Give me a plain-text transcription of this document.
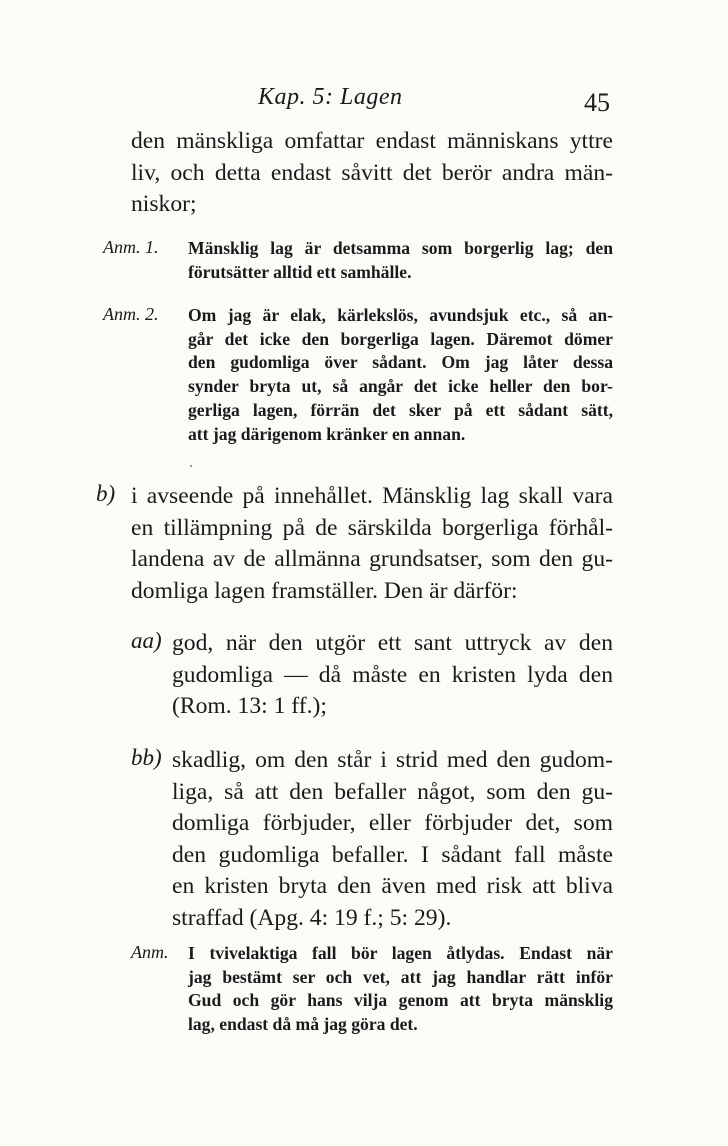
Kap. 5: Lagen	45
den mänskliga omfattar endast människans yttre
liv, och detta endast såvitt det berör andra män-
niskor;
Anm. 1. Mänsklig lag är detsamma som borgerlig lag; den
förutsätter alltid ett samhälle.
Anm. 2. Om jag är elak, kärlekslös, avundsjuk etc., så an-
går det icke den borgerliga lagen. Däremot dömer
den gudomliga över sådant. Om jag låter dessa
synder bryta ut, så angår det icke heller den bor-
gerliga lagen, förrän det sker på ett sådant sätt,
att jag därigenom kränker en annan.
b) i avseende på innehållet. Mänsklig lag skall vara
en tillämpning på de särskilda borgerliga förhål-
landena av de allmänna grundsatser, som den gu-
domliga lagen framställer. Den är därför:
aa) god, när den utgör ett sant uttryck av den
gudomliga — då måste en kristen lyda den
(Rom. 13: 1 ff.);
bb) skadlig, om den står i strid med den gudom-
liga, så att den befaller något, som den gu-
domliga förbjuder, eller förbjuder det, som
den gudomliga befaller. I sådant fall måste
en kristen bryta den även med risk att bliva
straffad (Apg. 4: 19 f.; 5: 29).
Anm. I tvivelaktiga fall bör lagen åtlydas. Endast när
jag bestämt ser och vet, att jag handlar rätt inför
Gud och gör hans vilja genom att bryta mänsklig
lag, endast då må jag göra det.
